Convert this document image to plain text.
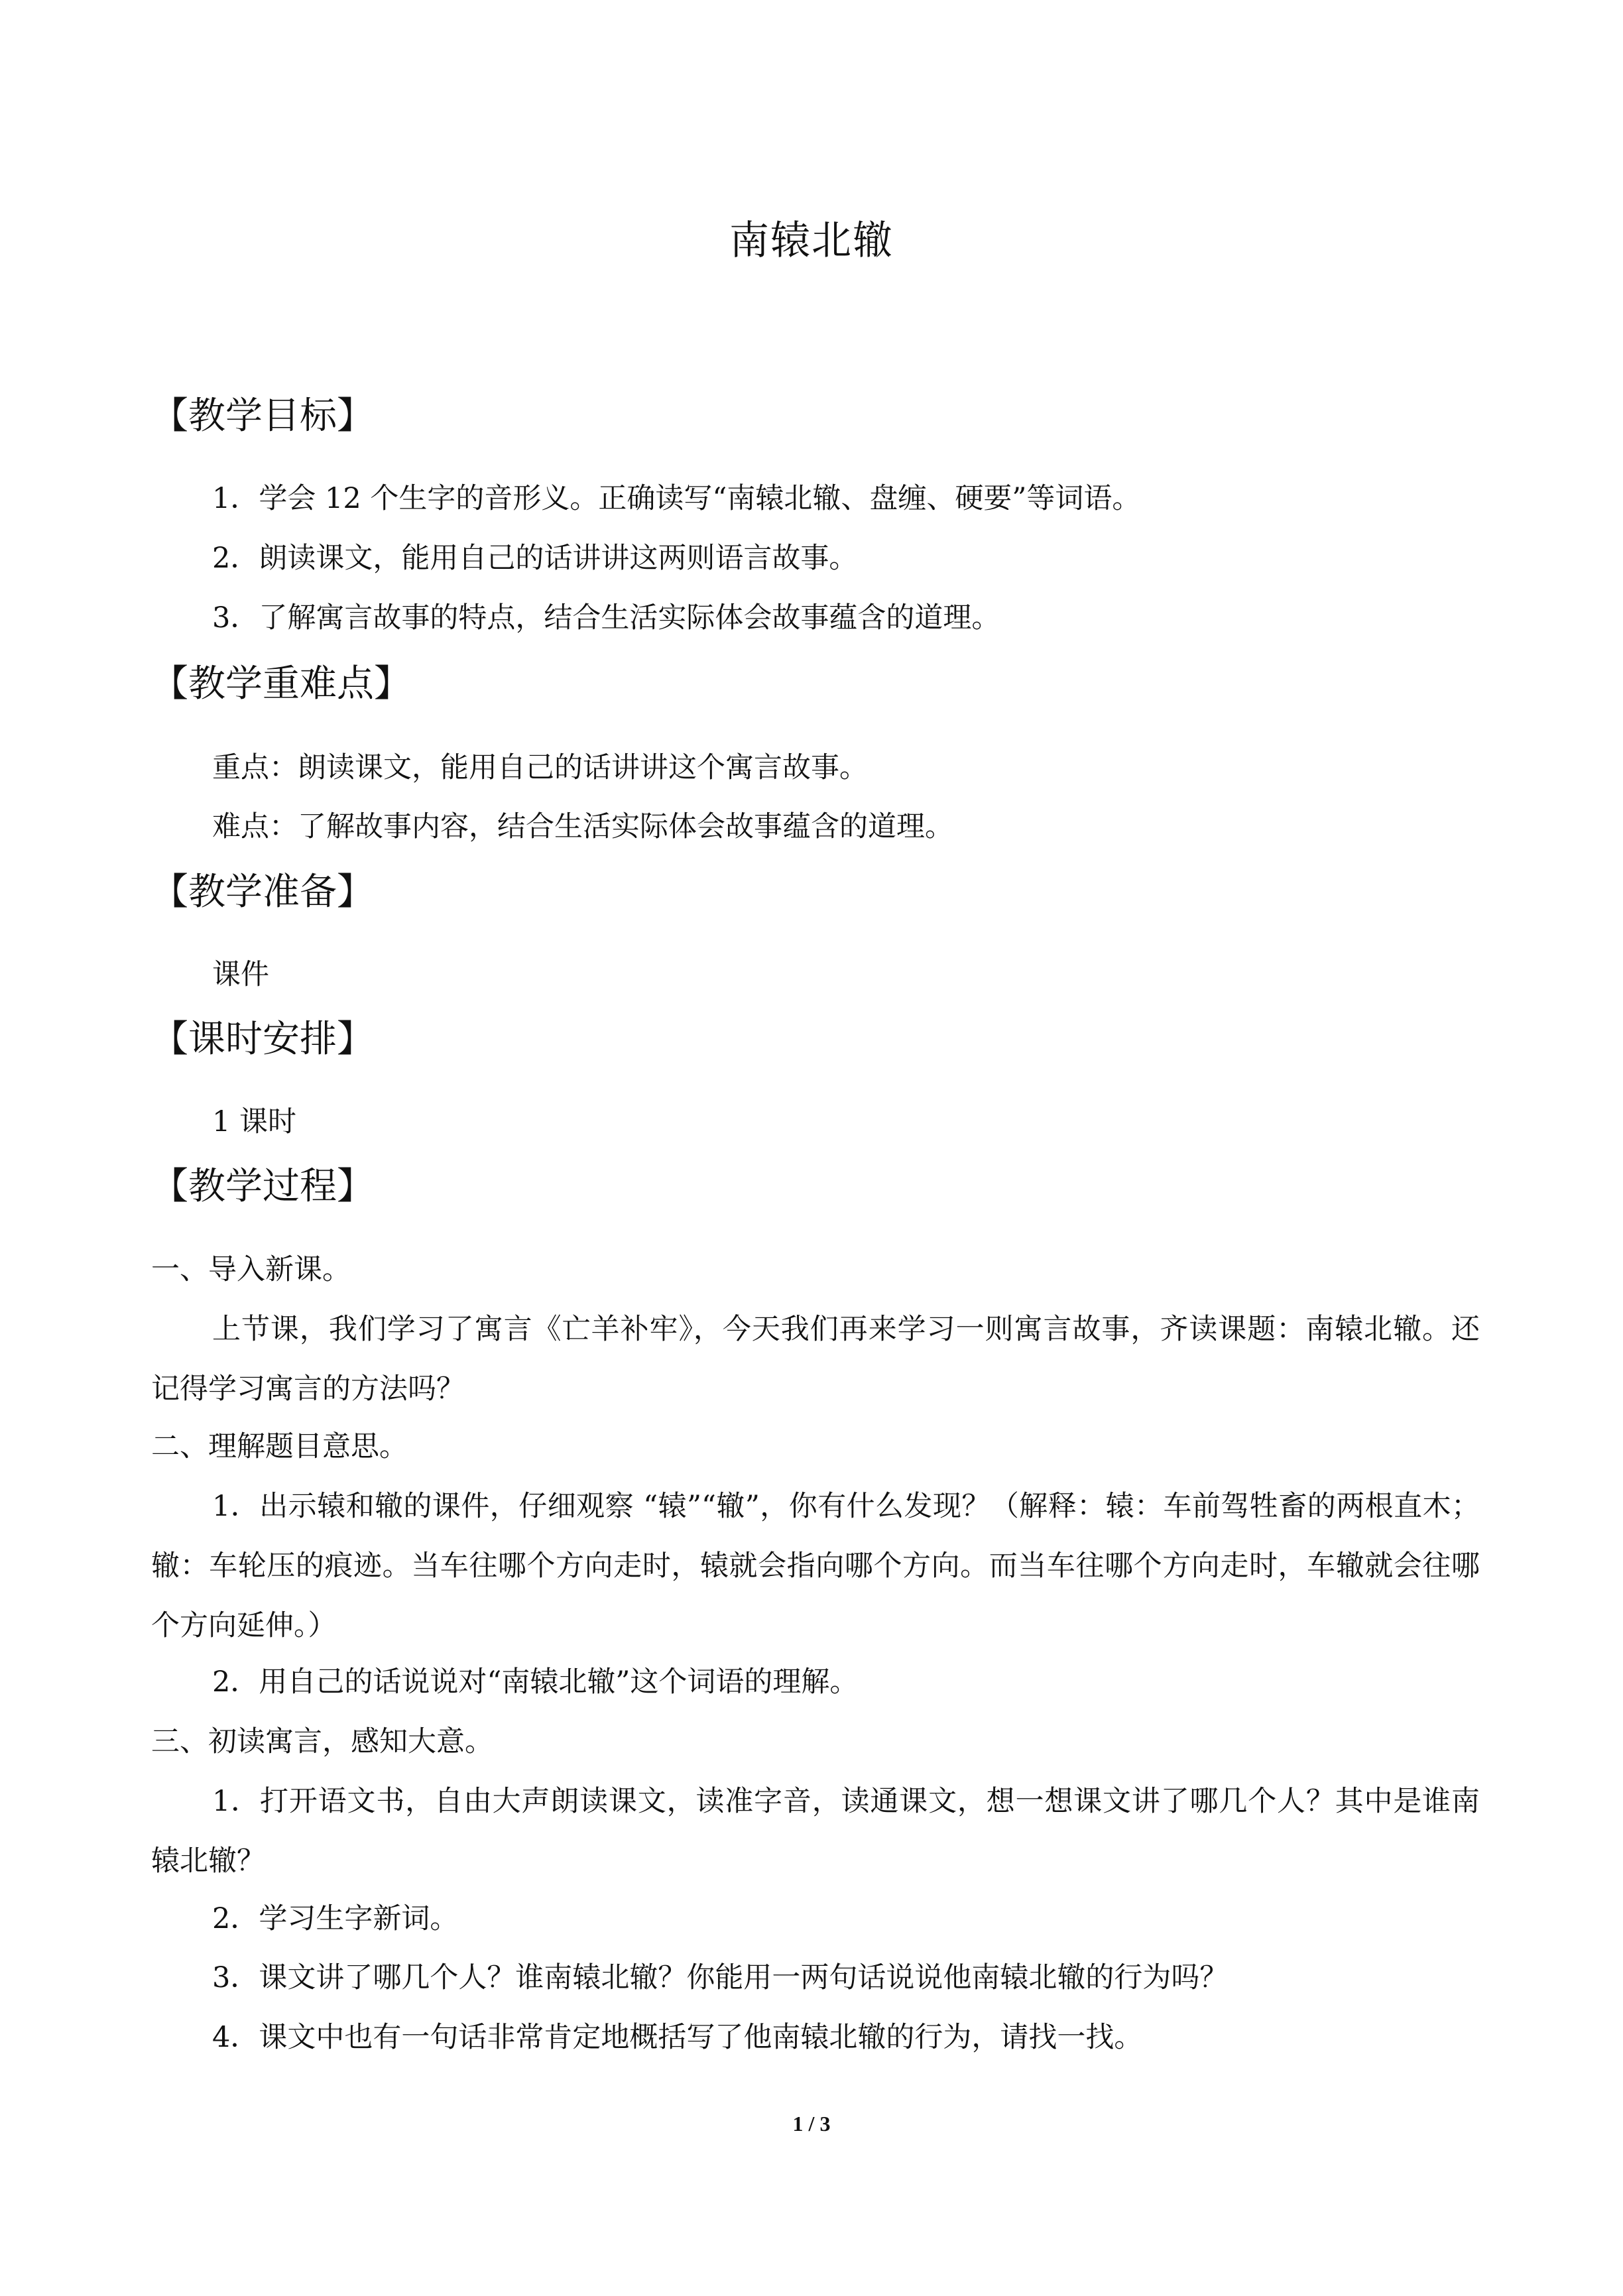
南辕北辙
【教学目标】
1．学会 12 个生字的音形义。正确读写“南辕北辙、盘缠、硬要”等词语。
2．朗读课文，能用自己的话讲讲这两则语言故事。
3．了解寓言故事的特点，结合生活实际体会故事蕴含的道理。
【教学重难点】
重点：朗读课文，能用自己的话讲讲这个寓言故事。
难点：了解故事内容，结合生活实际体会故事蕴含的道理。
【教学准备】
课件
【课时安排】
1 课时
【教学过程】
一、导入新课。
上节课，我们学习了寓言《亡羊补牢》，今天我们再来学习一则寓言故事，齐读课题：南辕北辙。还记得学习寓言的方法吗？
二、理解题目意思。
1．出示辕和辙的课件，仔细观察 “辕”“辙”，你有什么发现？（解释：辕：车前驾牲畜的两根直木；辙：车轮压的痕迹。当车往哪个方向走时，辕就会指向哪个方向。而当车往哪个方向走时，车辙就会往哪个方向延伸。）
2．用自己的话说说对“南辕北辙”这个词语的理解。
三、初读寓言，感知大意。
1．打开语文书，自由大声朗读课文，读准字音，读通课文，想一想课文讲了哪几个人？其中是谁南辕北辙？
2．学习生字新词。
3．课文讲了哪几个人？谁南辕北辙？你能用一两句话说说他南辕北辙的行为吗？
4．课文中也有一句话非常肯定地概括写了他南辕北辙的行为，请找一找。
1 / 3
